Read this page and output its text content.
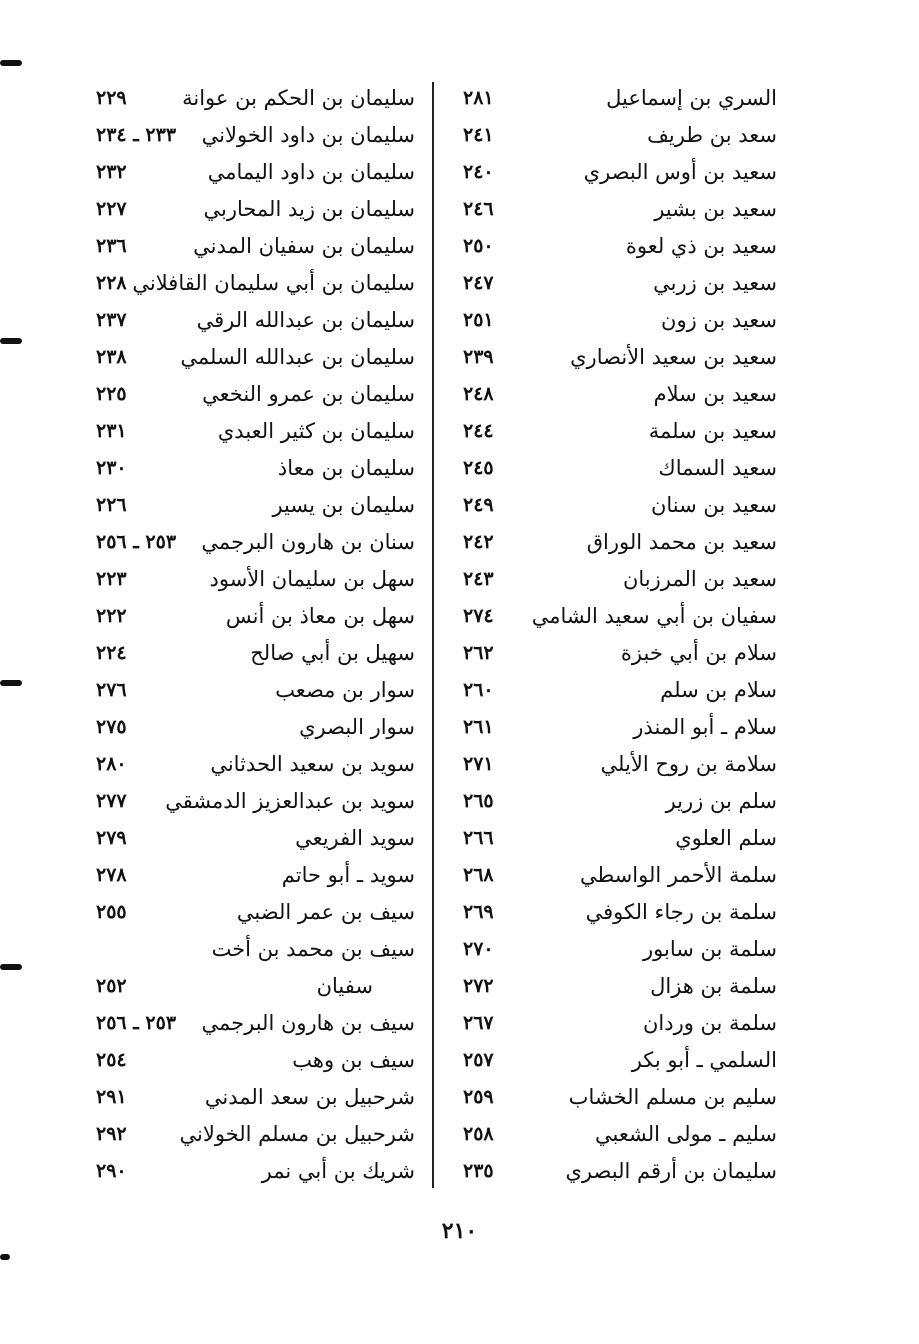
السري بن إسماعيل
٢٨١
سعد بن طريف
٢٤١
سعيد بن أوس البصري
٢٤٠
سعيد بن بشير
٢٤٦
سعيد بن ذي لعوة
٢٥٠
سعيد بن زربي
٢٤٧
سعيد بن زون
٢٥١
سعيد بن سعيد الأنصاري
٢٣٩
سعيد بن سلام
٢٤٨
سعيد بن سلمة
٢٤٤
سعيد السماك
٢٤٥
سعيد بن سنان
٢٤٩
سعيد بن محمد الوراق
٢٤٢
سعيد بن المرزبان
٢٤٣
سفيان بن أبي سعيد الشامي
٢٧٤
سلام بن أبي خبزة
٢٦٢
سلام بن سلم
٢٦٠
سلام ـ أبو المنذر
٢٦١
سلامة بن روح الأيلي
٢٧١
سلم بن زرير
٢٦٥
سلم العلوي
٢٦٦
سلمة الأحمر الواسطي
٢٦٨
سلمة بن رجاء الكوفي
٢٦٩
سلمة بن سابور
٢٧٠
سلمة بن هزال
٢٧٢
سلمة بن وردان
٢٦٧
السلمي ـ أبو بكر
٢٥٧
سليم بن مسلم الخشاب
٢٥٩
سليم ـ مولى الشعبي
٢٥٨
سليمان بن أرقم البصري
٢٣٥
سليمان بن الحكم بن عوانة
٢٢٩
سليمان بن داود الخولاني
٢٣٣ ـ ٢٣٤
سليمان بن داود اليمامي
٢٣٢
سليمان بن زيد المحاربي
٢٢٧
سليمان بن سفيان المدني
٢٣٦
سليمان بن أبي سليمان القافلاني
٢٢٨
سليمان بن عبدالله الرقي
٢٣٧
سليمان بن عبدالله السلمي
٢٣٨
سليمان بن عمرو النخعي
٢٢٥
سليمان بن كثير العبدي
٢٣١
سليمان بن معاذ
٢٣٠
سليمان بن يسير
٢٢٦
سنان بن هارون البرجمي
٢٥٣ ـ ٢٥٦
سهل بن سليمان الأسود
٢٢٣
سهل بن معاذ بن أنس
٢٢٢
سهيل بن أبي صالح
٢٢٤
سوار بن مصعب
٢٧٦
سوار البصري
٢٧٥
سويد بن سعيد الحدثاني
٢٨٠
سويد بن عبدالعزيز الدمشقي
٢٧٧
سويد الفريعي
٢٧٩
سويد ـ أبو حاتم
٢٧٨
سيف بن عمر الضبي
٢٥٥
سيف بن محمد بن أخت
سفيان
٢٥٢
سيف بن هارون البرجمي
٢٥٣ ـ ٢٥٦
سيف بن وهب
٢٥٤
شرحبيل بن سعد المدني
٢٩١
شرحبيل بن مسلم الخولاني
٢٩٢
شريك بن أبي نمر
٢٩٠
٢١٠
